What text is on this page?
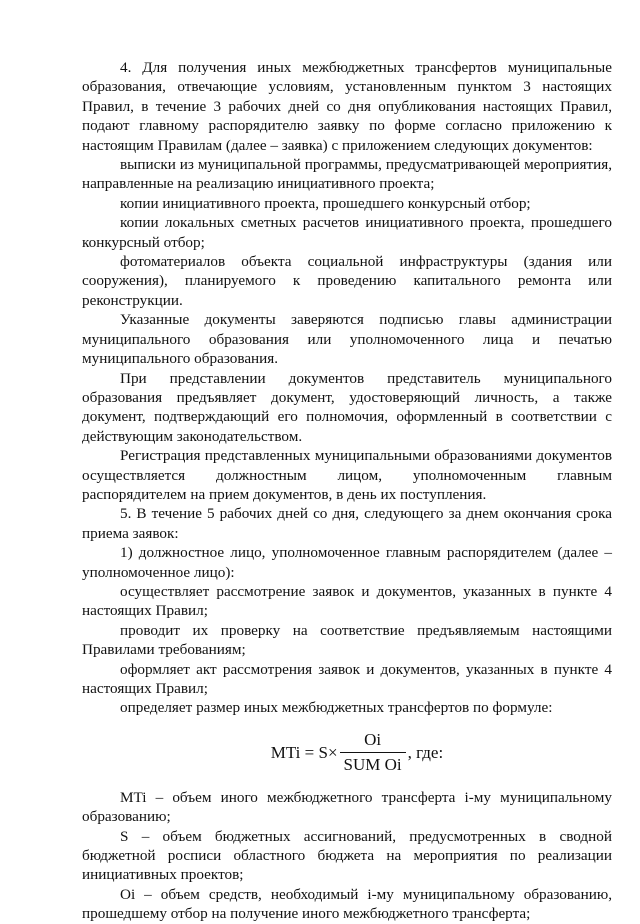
4. Для получения иных межбюджетных трансфертов муниципальные образования, отвечающие условиям, установленным пунктом 3 настоящих Правил, в течение 3 рабочих дней со дня опубликования настоящих Правил, подают главному распорядителю заявку по форме согласно приложению к настоящим Правилам (далее – заявка) с приложением следующих документов:

выписки из муниципальной программы, предусматривающей мероприятия, направленные на реализацию инициативного проекта;

копии инициативного проекта, прошедшего конкурсный отбор;

копии локальных сметных расчетов инициативного проекта, прошедшего конкурсный отбор;

фотоматериалов объекта социальной инфраструктуры (здания или сооружения), планируемого к проведению капитального ремонта или реконструкции.

Указанные документы заверяются подписью главы администрации муниципального образования или уполномоченного лица и печатью муниципального образования.

При представлении документов представитель муниципального образования предъявляет документ, удостоверяющий личность, а также документ, подтверждающий его полномочия, оформленный в соответствии с действующим законодательством.

Регистрация представленных муниципальными образованиями документов осуществляется должностным лицом, уполномоченным главным распорядителем на прием документов, в день их поступления.

5. В течение 5 рабочих дней со дня, следующего за днем окончания срока приема заявок:

1) должностное лицо, уполномоченное главным распорядителем (далее – уполномоченное лицо):

осуществляет рассмотрение заявок и документов, указанных в пункте 4 настоящих Правил;

проводит их проверку на соответствие предъявляемым настоящими Правилами требованиям;

оформляет акт рассмотрения заявок и документов, указанных в пункте 4 настоящих Правил;

определяет размер иных межбюджетных трансфертов по формуле:

MTi = $S\times \frac{Oi}{\text{SUM Oi}}$ , где:

MTi – объем иного межбюджетного трансферта i-му муниципальному образованию;

S – объем бюджетных ассигнований, предусмотренных в сводной бюджетной росписи областного бюджета на мероприятия по реализации инициативных проектов;

Oi – объем средств, необходимый i-му муниципальному образованию, прошедшему отбор на получение иного межбюджетного трансферта;
